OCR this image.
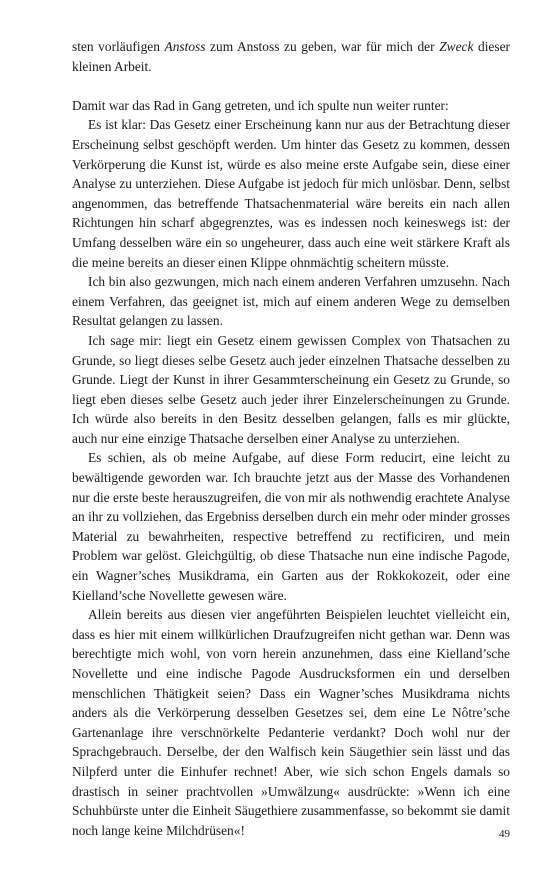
sten vorläufigen Anstoss zum Anstoss zu geben, war für mich der Zweck dieser kleinen Arbeit.

Damit war das Rad in Gang getreten, und ich spulte nun weiter runter:

Es ist klar: Das Gesetz einer Erscheinung kann nur aus der Betrachtung dieser Erscheinung selbst geschöpft werden. Um hinter das Gesetz zu kommen, dessen Verkörperung die Kunst ist, würde es also meine erste Aufgabe sein, diese einer Analyse zu unterziehen. Diese Aufgabe ist jedoch für mich unlösbar. Denn, selbst angenommen, das betreffende Thatsachenmaterial wäre bereits ein nach allen Richtungen hin scharf abgegrenztes, was es indessen noch keineswegs ist: der Umfang desselben wäre ein so ungeheurer, dass auch eine weit stärkere Kraft als die meine bereits an dieser einen Klippe ohnmächtig scheitern müsste.

Ich bin also gezwungen, mich nach einem anderen Verfahren umzusehn. Nach einem Verfahren, das geeignet ist, mich auf einem anderen Wege zu demselben Resultat gelangen zu lassen.

Ich sage mir: liegt ein Gesetz einem gewissen Complex von Thatsachen zu Grunde, so liegt dieses selbe Gesetz auch jeder einzelnen Thatsache desselben zu Grunde. Liegt der Kunst in ihrer Gesammterscheinung ein Gesetz zu Grunde, so liegt eben dieses selbe Gesetz auch jeder ihrer Einzelerscheinungen zu Grunde. Ich würde also bereits in den Besitz desselben gelangen, falls es mir glückte, auch nur eine einzige Thatsache derselben einer Analyse zu unterziehen.

Es schien, als ob meine Aufgabe, auf diese Form reducirt, eine leicht zu bewältigende geworden war. Ich brauchte jetzt aus der Masse des Vorhandenen nur die erste beste herauszugreifen, die von mir als nothwendig erachtete Analyse an ihr zu vollziehen, das Ergebniss derselben durch ein mehr oder minder grosses Material zu bewahrheiten, respective betreffend zu rectificiren, und mein Problem war gelöst. Gleichgültig, ob diese Thatsache nun eine indische Pagode, ein Wagner’sches Musikdrama, ein Garten aus der Rokkokozeit, oder eine Kielland’sche Novellette gewesen wäre.

Allein bereits aus diesen vier angeführten Beispielen leuchtet vielleicht ein, dass es hier mit einem willkürlichen Draufzugreifen nicht gethan war. Denn was berechtigte mich wohl, von vorn herein anzunehmen, dass eine Kielland’sche Novellette und eine indische Pagode Ausdrucksformen ein und derselben menschlichen Thätigkeit seien? Dass ein Wagner’sches Musikdrama nichts anders als die Verkörperung desselben Gesetzes sei, dem eine Le Nôtre’sche Gartenanlage ihre verschnörkelte Pedanterie verdankt? Doch wohl nur der Sprachgebrauch. Derselbe, der den Walfisch kein Säugethier sein lässt und das Nilpferd unter die Einhufer rechnet! Aber, wie sich schon Engels damals so drastisch in seiner prachtvollen »Umwälzung« ausdrückte: »Wenn ich eine Schuhbürste unter die Einheit Säugethiere zusammenfasse, so bekommt sie damit noch lange keine Milchdrüsen«!	49
